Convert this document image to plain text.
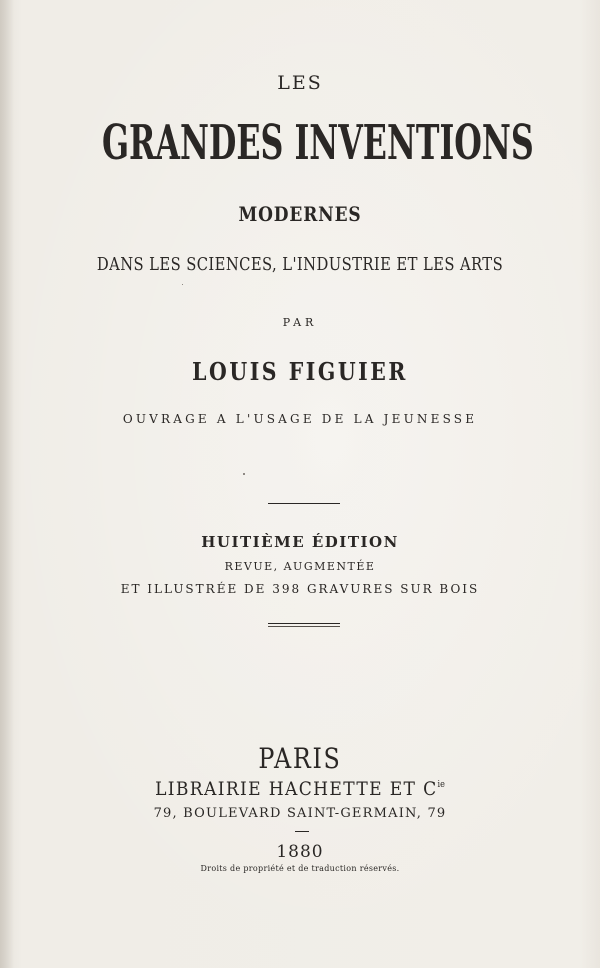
LES
GRANDES INVENTIONS
MODERNES
DANS LES SCIENCES, L'INDUSTRIE ET LES ARTS
PAR
LOUIS FIGUIER
OUVRAGE A L'USAGE DE LA JEUNESSE
HUITIÈME ÉDITION
REVUE, AUGMENTÉE
ET ILLUSTRÉE DE 398 GRAVURES SUR BOIS
PARIS
LIBRAIRIE HACHETTE ET $C^{ie}$
79, BOULEVARD SAINT-GERMAIN, 79
1880
Droits de propriété et de traduction réservés.
